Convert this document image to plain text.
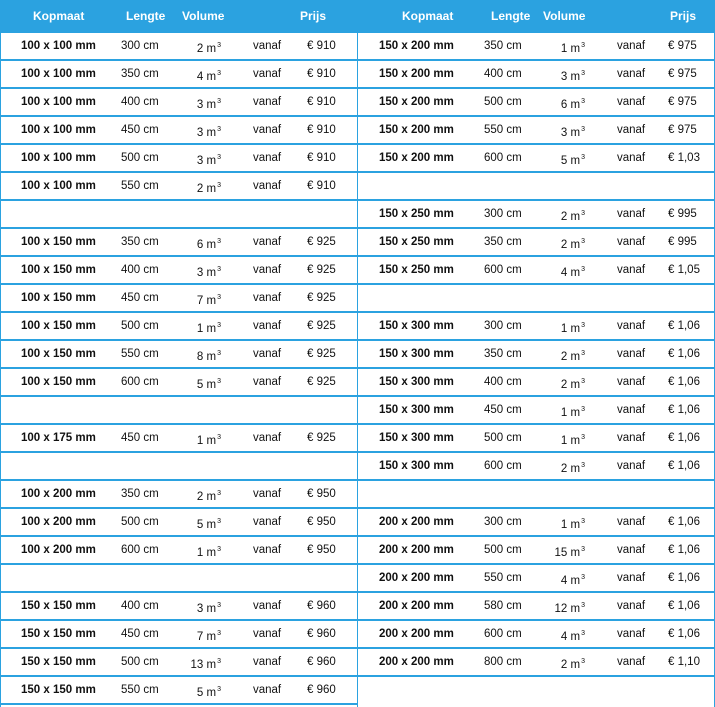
Kopmaat	Lengte Volume	Prijs	Kopmaat	Lengte Volume	Prijs
100 x 100 mm 300 cm	2 $m^3$	vanaf € 910
100 x 100 mm 350 cm	4 $m^3$	vanaf € 910
100 x 100 mm 400 cm	3 $m^3$	vanaf € 910
100 x 100 mm 450 cm	3 $m^3$	vanaf € 910
100 x 100 mm 500 cm	3 $m^3$	vanaf € 910
100 x 100 mm 550 cm	2 $m^3$	vanaf € 910
100 x 150 mm 350 cm	6 $m^3$	vanaf € 925
100 x 150 mm 400 cm	3 $m^3$	vanaf € 925
100 x 150 mm 450 cm	7 $m^3$	vanaf € 925
100 x 150 mm 500 cm	1 $m^3$	vanaf € 925
100 x 150 mm 550 cm	8 $m^3$	vanaf € 925
100 x 150 mm 600 cm	5 $m^3$	vanaf € 925
100 x 175 mm 450 cm	1 $m^3$	vanaf € 925
100 x 200 mm 350 cm	2 $m^3$	vanaf € 950
100 x 200 mm 500 cm	5 $m^3$	vanaf € 950
100 x 200 mm 600 cm	1 $m^3$	vanaf € 950
150 x 150 mm 400 cm	3 $m^3$	vanaf € 960
150 x 150 mm 450 cm	7 $m^3$	vanaf € 960
150 x 150 mm 500 cm	13 $m^3$	vanaf € 960
150 x 150 mm 550 cm	5 $m^3$	vanaf € 960
150 x 200 mm	350 cm	1 $m^3$	vanaf € 975
150 x 200 mm	400 cm	3 $m^3$	vanaf € 975
150 x 200 mm	500 cm	6 $m^3$	vanaf € 975
150 x 200 mm	550 cm	3 $m^3$	vanaf € 975
150 x 200 mm	600 cm	5 $m^3$	vanaf € 1,03
150 x 250 mm	300 cm	2 $m^3$	vanaf € 995
150 x 250 mm	350 cm	2 $m^3$	vanaf € 995
150 x 250 mm	600 cm	4 $m^3$	vanaf € 1,05
150 x 300 mm	300 cm	1 $m^3$	vanaf € 1,06
150 x 300 mm	350 cm	2 $m^3$	vanaf € 1,06
150 x 300 mm	400 cm	2 $m^3$	vanaf € 1,06
150 x 300 mm	450 cm	1 $m^3$	vanaf € 1,06
150 x 300 mm	500 cm	1 $m^3$	vanaf € 1,06
150 x 300 mm	600 cm	2 $m^3$	vanaf € 1,06
200 x 200 mm	300 cm	1 $m^3$	vanaf € 1,06
200 x 200 mm	500 cm	15 $m^3$	vanaf € 1,06
200 x 200 mm	550 cm	4 $m^3$	vanaf € 1,06
200 x 200 mm	580 cm	12 $m^3$	vanaf € 1,06
200 x 200 mm	600 cm	4 $m^3$	vanaf € 1,06
200 x 200 mm	800 cm	2 $m^3$	vanaf € 1,10
